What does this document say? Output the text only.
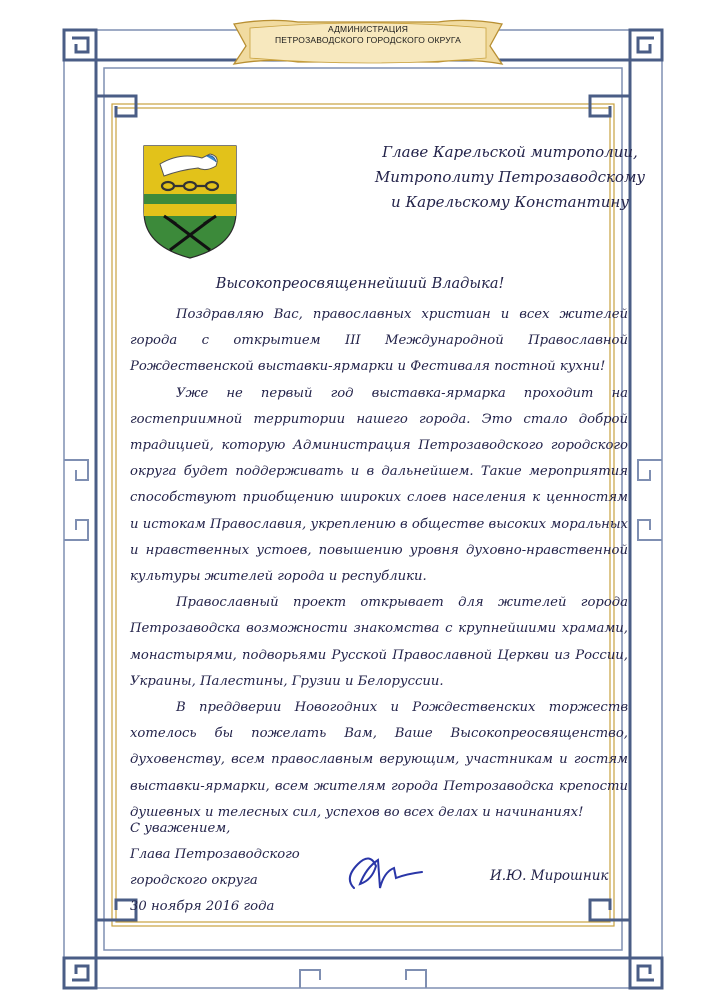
АДМИНИСТРАЦИЯ
ПЕТРОЗАВОДСКОГО ГОРОДСКОГО ОКРУГА
Главе Карельской митрополии,
Митрополиту Петрозаводскому
и Карельскому Константину
Высокопреосвященнейший Владыка!

Поздравляю Вас, православных христиан и всех жителей города с открытием III Международной Православной Рождественской выставки-ярмарки и Фестиваля постной кухни!

Уже не первый год выставка-ярмарка проходит на гостеприимной территории нашего города. Это стало доброй традицией, которую Администрация Петрозаводского городского округа будет поддерживать и в дальнейшем. Такие мероприятия способствуют приобщению широких слоев населения к ценностям и истокам Православия, укреплению в обществе высоких моральных и нравственных устоев, повышению уровня духовно-нравственной культуры жителей города и республики.

Православный проект открывает для жителей города Петрозаводска возможности знакомства с крупнейшими храмами, монастырями, подворьями Русской Православной Церкви из России, Украины, Палестины, Грузии и Белоруссии.

В преддверии Новогодних и Рождественских торжеств хотелось бы пожелать Вам, Ваше Высокопреосвященство, духовенству, всем православным верующим, участникам и гостям выставки-ярмарки, всем жителям города Петрозаводска крепости душевных и телесных сил, успехов во всех делах и начинаниях!

С уважением,
Глава Петрозаводского
городского округа
30 ноября 2016 года
И.Ю. Мирошник
